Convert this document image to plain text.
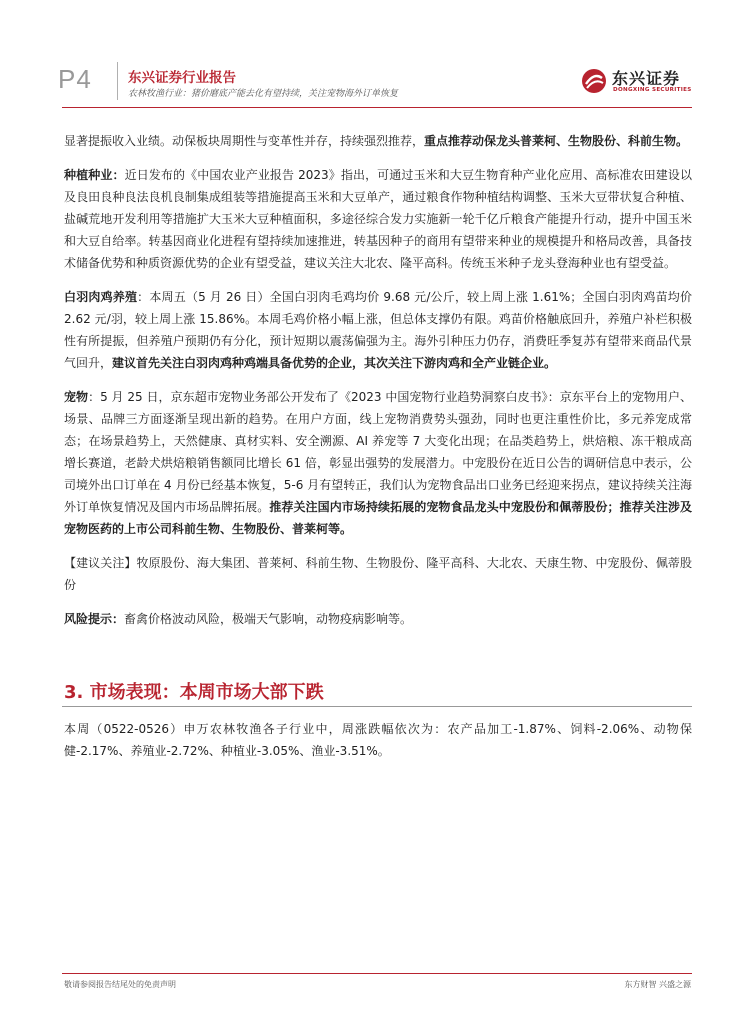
P4	东兴证券行业报告
农林牧渔行业：猪价磨底产能去化有望持续，关注宠物海外订单恢复
东兴证券
DONGXING SECURITIES

显著提振收入业绩。动保板块周期性与变革性并存，持续强烈推荐，重点推荐动保龙头普莱柯、生物股份、科前生物。

种植种业：近日发布的《中国农业产业报告 2023》指出，可通过玉米和大豆生物育种产业化应用、高标准农田建设以及良田良种良法良机良制集成组装等措施提高玉米和大豆单产，通过粮食作物种植结构调整、玉米大豆带状复合种植、盐碱荒地开发利用等措施扩大玉米大豆种植面积，多途径综合发力实施新一轮千亿斤粮食产能提升行动，提升中国玉米和大豆自给率。转基因商业化进程有望持续加速推进，转基因种子的商用有望带来种业的规模提升和格局改善，具备技术储备优势和种质资源优势的企业有望受益，建议关注大北农、隆平高科。传统玉米种子龙头登海种业也有望受益。

白羽肉鸡养殖：本周五（5 月 26 日）全国白羽肉毛鸡均价 9.68 元/公斤，较上周上涨 1.61%；全国白羽肉鸡苗均价 2.62 元/羽，较上周上涨 15.86%。本周毛鸡价格小幅上涨，但总体支撑仍有限。鸡苗价格触底回升，养殖户补栏积极性有所提振，但养殖户预期仍有分化，预计短期以震荡偏强为主。海外引种压力仍存，消费旺季复苏有望带来商品代景气回升，建议首先关注白羽肉鸡种鸡端具备优势的企业，其次关注下游肉鸡和全产业链企业。

宠物：5 月 25 日，京东超市宠物业务部公开发布了《2023 中国宠物行业趋势洞察白皮书》：京东平台上的宠物用户、场景、品牌三方面逐渐呈现出新的趋势。在用户方面，线上宠物消费势头强劲，同时也更注重性价比，多元养宠成常态；在场景趋势上，天然健康、真材实料、安全溯源、AI 养宠等 7 大变化出现；在品类趋势上，烘焙粮、冻干粮成高增长赛道，老龄犬烘焙粮销售额同比增长 61 倍，彰显出强势的发展潜力。中宠股份在近日公告的调研信息中表示，公司境外出口订单在 4 月份已经基本恢复，5-6 月有望转正，我们认为宠物食品出口业务已经迎来拐点，建议持续关注海外订单恢复情况及国内市场品牌拓展。推荐关注国内市场持续拓展的宠物食品龙头中宠股份和佩蒂股份；推荐关注涉及宠物医药的上市公司科前生物、生物股份、普莱柯等。

【建议关注】牧原股份、海大集团、普莱柯、科前生物、生物股份、隆平高科、大北农、天康生物、中宠股份、佩蒂股份

风险提示：畜禽价格波动风险，极端天气影响，动物疫病影响等。

3. 市场表现：本周市场大部下跌

本周（0522-0526）申万农林牧渔各子行业中，周涨跌幅依次为：农产品加工-1.87%、饲料-2.06%、动物保健-2.17%、养殖业-2.72%、种植业-3.05%、渔业-3.51%。

敬请参阅报告结尾处的免责声明	东方财智 兴盛之源
